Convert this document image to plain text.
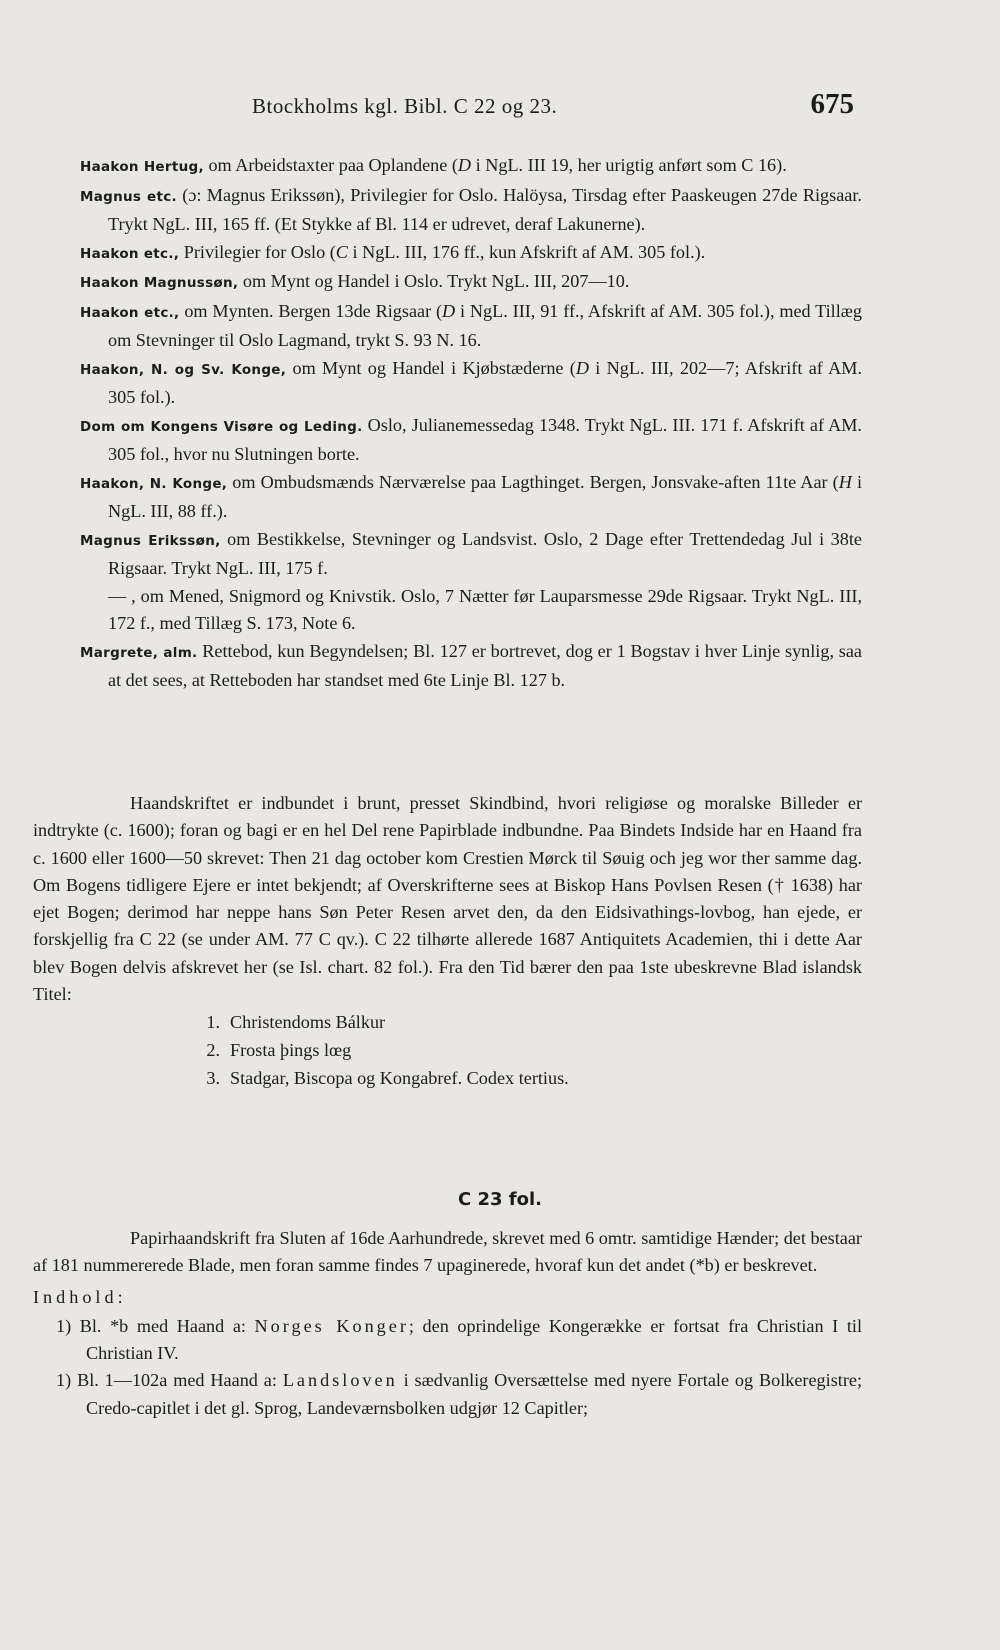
Btockholms kgl. Bibl. C 22 og 23.	675

Haakon Hertug, om Arbeidstaxter paa Oplandene (D i NgL. III 19, her urigtig anført som C 16).

Magnus etc. (ɔ: Magnus Erikssøn), Privilegier for Oslo. Halöysa, Tirsdag efter Paaskeugen 27de Rigsaar. Trykt NgL. III, 165 ff. (Et Stykke af Bl. 114 er udrevet, deraf Lakunerne).

Haakon etc., Privilegier for Oslo (C i NgL. III, 176 ff., kun Afskrift af AM. 305 fol.).

Haakon Magnussøn, om Mynt og Handel i Oslo. Trykt NgL. III, 207—10.

Haakon etc., om Mynten. Bergen 13de Rigsaar (D i NgL. III, 91 ff., Afskrift af AM. 305 fol.), med Tillæg om Stevninger til Oslo Lagmand, trykt S. 93 N. 16.

Haakon, N. og Sv. Konge, om Mynt og Handel i Kjøbstæderne (D i NgL. III, 202—7; Afskrift af AM. 305 fol.).

Dom om Kongens Visøre og Leding. Oslo, Julianemessedag 1348. Trykt NgL. III. 171 f. Afskrift af AM. 305 fol., hvor nu Slutningen borte.

Haakon, N. Konge, om Ombudsmænds Nærværelse paa Lagthinget. Bergen, Jonsvake-aften 11te Aar (H i NgL. III, 88 ff.).

Magnus Erikssøn, om Bestikkelse, Stevninger og Landsvist. Oslo, 2 Dage efter Trettendedag Jul i 38te Rigsaar. Trykt NgL. III, 175 f.

— , om Mened, Snigmord og Knivstik. Oslo, 7 Nætter før Lauparsmesse 29de Rigsaar. Trykt NgL. III, 172 f., med Tillæg S. 173, Note 6.

Margrete, alm. Rettebod, kun Begyndelsen; Bl. 127 er bortrevet, dog er 1 Bogstav i hver Linje synlig, saa at det sees, at Retteboden har standset med 6te Linje Bl. 127 b.

Haandskriftet er indbundet i brunt, presset Skindbind, hvori religiøse og moralske Billeder er indtrykte (c. 1600); foran og bagi er en hel Del rene Papirblade indbundne. Paa Bindets Indside har en Haand fra c. 1600 eller 1600—50 skrevet: Then 21 dag october kom Crestien Mørck til Søuig och jeg wor ther samme dag. Om Bogens tidligere Ejere er intet bekjendt; af Overskrifterne sees at Biskop Hans Povlsen Resen († 1638) har ejet Bogen; derimod har neppe hans Søn Peter Resen arvet den, da den Eidsivathings-lovbog, han ejede, er forskjellig fra C 22 (se under AM. 77 C qv.). C 22 tilhørte allerede 1687 Antiquitets Academien, thi i dette Aar blev Bogen delvis afskrevet her (se Isl. chart. 82 fol.). Fra den Tid bærer den paa 1ste ubeskrevne Blad islandsk Titel:

1. Christendoms Bálkur
2. Frosta þings lœg
3. Stadgar, Biscopa og Kongabref. Codex tertius.
C 23 fol.

Papirhaandskrift fra Sluten af 16de Aarhundrede, skrevet med 6 omtr. samtidige Hænder; det bestaar af 181 nummererede Blade, men foran samme findes 7 upaginerede, hvoraf kun det andet (*b) er beskrevet.

Indhold:

1) Bl. *b med Haand a: Norges Konger; den oprindelige Kongerække er fortsat fra Christian I til Christian IV.

1) Bl. 1—102a med Haand a: Landsloven i sædvanlig Oversættelse med nyere Fortale og Bolkeregistre; Credo-capitlet i det gl. Sprog, Landeværnsbolken udgjør 12 Capitler;
